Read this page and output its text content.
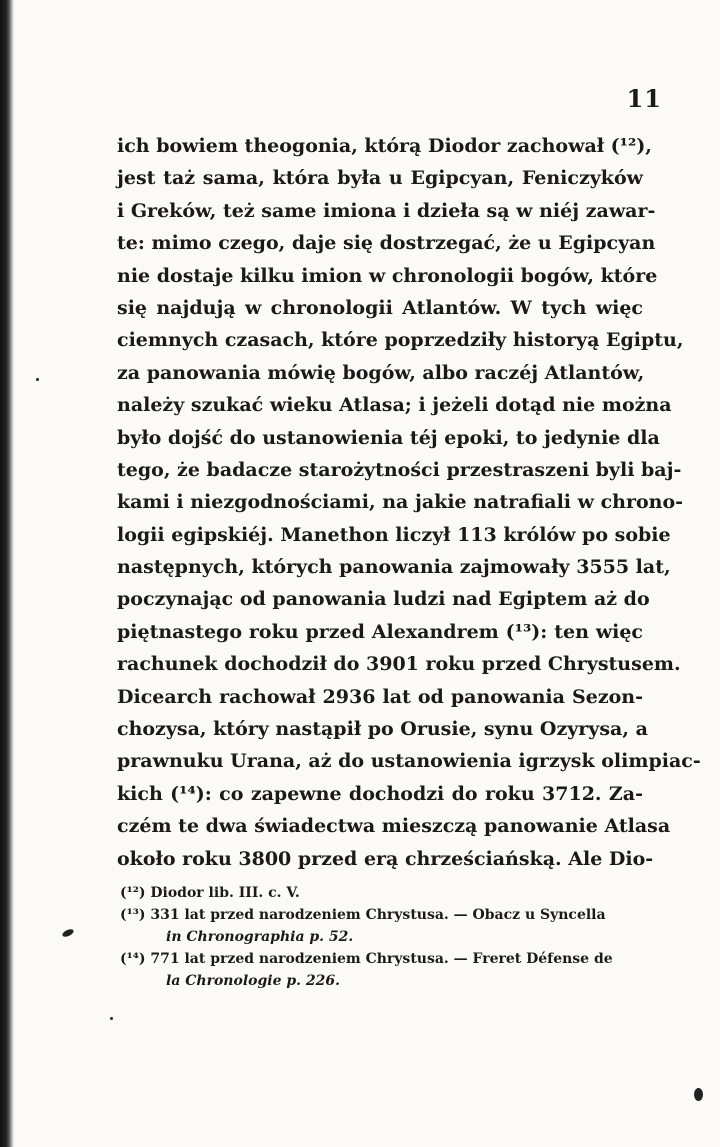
11
ich bowiem theogonia, którą Diodor zachował (¹²),
jest taż sama, która była u Egipcyan, Feniczyków
i Greków, też same imiona i dzieła są w niéj zawar-
te: mimo czego, daje się dostrzegać, że u Egipcyan
nie dostaje kilku imion w chronologii bogów, które
się najdują w chronologii Atlantów. W tych więc
ciemnych czasach, które poprzedziły historyą Egiptu,
za panowania mówię bogów, albo raczéj Atlantów,
należy szukać wieku Atlasa; i jeżeli dotąd nie można
było dojść do ustanowienia téj epoki, to jedynie dla
tego, że badacze starożytności przestraszeni byli baj-
kami i niezgodnościami, na jakie natrafiali w chrono-
logii egipskiéj. Manethon liczył 113 królów po sobie
następnych, których panowania zajmowały 3555 lat,
poczynając od panowania ludzi nad Egiptem aż do
piętnastego roku przed Alexandrem (¹³): ten więc
rachunek dochodził do 3901 roku przed Chrystusem.
Dicearch rachował 2936 lat od panowania Sezon-
chozysa, który nastąpił po Orusie, synu Ozyrysa, a
prawnuku Urana, aż do ustanowienia igrzysk olimpiac-
kich (¹⁴): co zapewne dochodzi do roku 3712. Za-
czém te dwa świadectwa mieszczą panowanie Atlasa
około roku 3800 przed erą chrześciańską. Ale Dio-
(¹²) Diodor lib. III. c. V.
(¹³) 331 lat przed narodzeniem Chrystusa. — Obacz u Syncella
in Chronographia p. 52.
(¹⁴) 771 lat przed narodzeniem Chrystusa. — Freret Défense de
la Chronologie p. 226.
